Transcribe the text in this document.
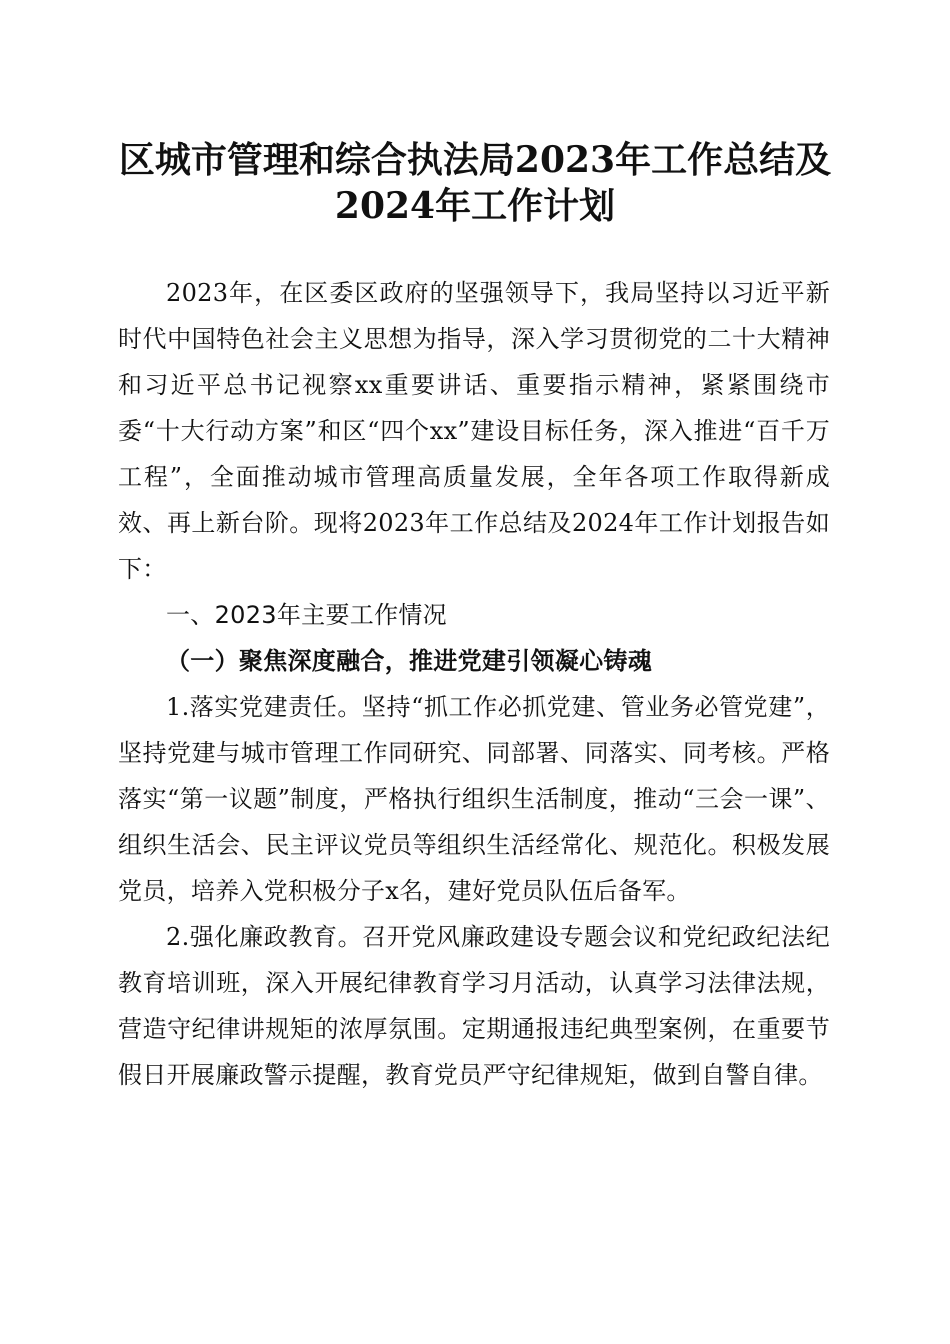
区城市管理和综合执法局2023年工作总结及
2024年工作计划

2023年，在区委区政府的坚强领导下，我局坚持以习近平新时代中国特色社会主义思想为指导，深入学习贯彻党的二十大精神和习近平总书记视察xx重要讲话、重要指示精神，紧紧围绕市委“十大行动方案”和区“四个xx”建设目标任务，深入推进“百千万工程”，全面推动城市管理高质量发展，全年各项工作取得新成效、再上新台阶。现将2023年工作总结及2024年工作计划报告如下：

一、2023年主要工作情况

（一）聚焦深度融合，推进党建引领凝心铸魂

1.落实党建责任。坚持“抓工作必抓党建、管业务必管党建”，坚持党建与城市管理工作同研究、同部署、同落实、同考核。严格落实“第一议题”制度，严格执行组织生活制度，推动“三会一课”、组织生活会、民主评议党员等组织生活经常化、规范化。积极发展党员，培养入党积极分子x名，建好党员队伍后备军。

2.强化廉政教育。召开党风廉政建设专题会议和党纪政纪法纪教育培训班，深入开展纪律教育学习月活动，认真学习法律法规，营造守纪律讲规矩的浓厚氛围。定期通报违纪典型案例，在重要节假日开展廉政警示提醒，教育党员严守纪律规矩，做到自警自律。
